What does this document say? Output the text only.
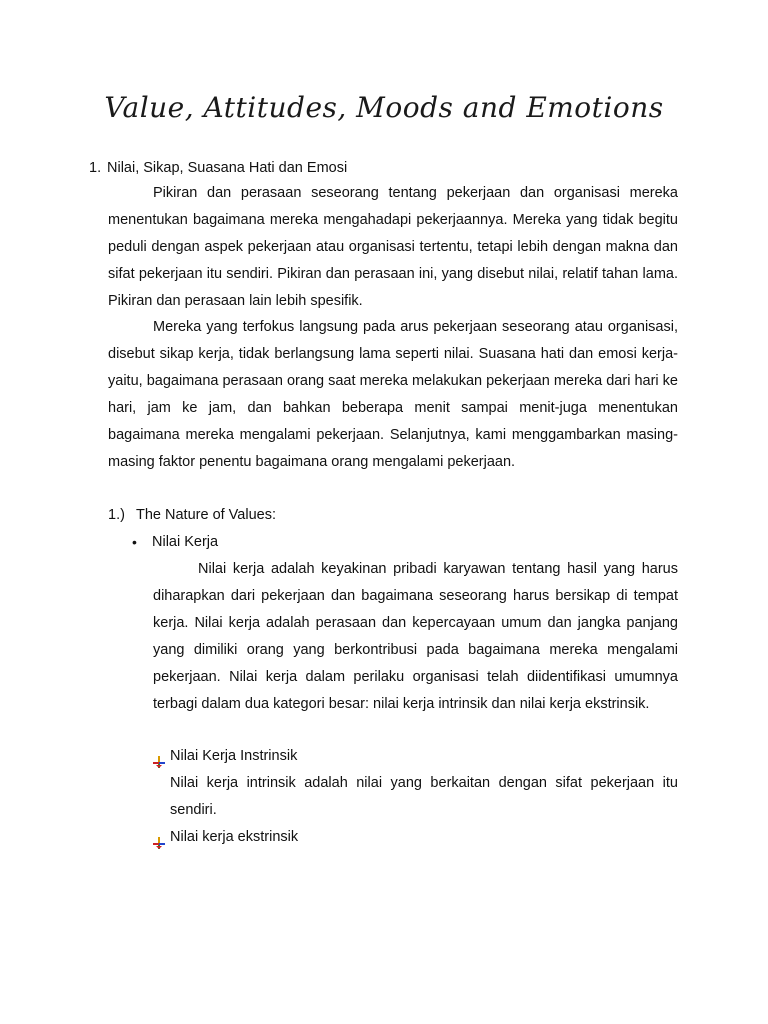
Value, Attitudes, Moods and Emotions
1. Nilai, Sikap, Suasana Hati dan Emosi

Pikiran dan perasaan seseorang tentang pekerjaan dan organisasi mereka menentukan bagaimana mereka mengahadapi pekerjaannya. Mereka yang tidak begitu peduli dengan aspek pekerjaan atau organisasi tertentu, tetapi lebih dengan makna dan sifat pekerjaan itu sendiri. Pikiran dan perasaan ini, yang disebut nilai, relatif tahan lama. Pikiran dan perasaan lain lebih spesifik.

Mereka yang terfokus langsung pada arus pekerjaan seseorang atau organisasi, disebut sikap kerja, tidak berlangsung lama seperti nilai. Suasana hati dan emosi kerja-yaitu, bagaimana perasaan orang saat mereka melakukan pekerjaan mereka dari hari ke hari, jam ke jam, dan bahkan beberapa menit sampai menit-juga menentukan bagaimana mereka mengalami pekerjaan. Selanjutnya, kami menggambarkan masing-masing faktor penentu bagaimana orang mengalami pekerjaan.

1.) The Nature of Values:
•	Nilai Kerja

Nilai kerja adalah keyakinan pribadi karyawan tentang hasil yang harus diharapkan dari pekerjaan dan bagaimana seseorang harus bersikap di tempat kerja. Nilai kerja adalah perasaan dan kepercayaan umum dan jangka panjang yang dimiliki orang yang berkontribusi pada bagaimana mereka mengalami pekerjaan. Nilai kerja dalam perilaku organisasi telah diidentifikasi umumnya terbagi dalam dua kategori besar: nilai kerja intrinsik dan nilai kerja ekstrinsik.

Nilai Kerja Instrinsik

Nilai kerja intrinsik adalah nilai yang berkaitan dengan sifat pekerjaan itu sendiri.

Nilai kerja ekstrinsik
